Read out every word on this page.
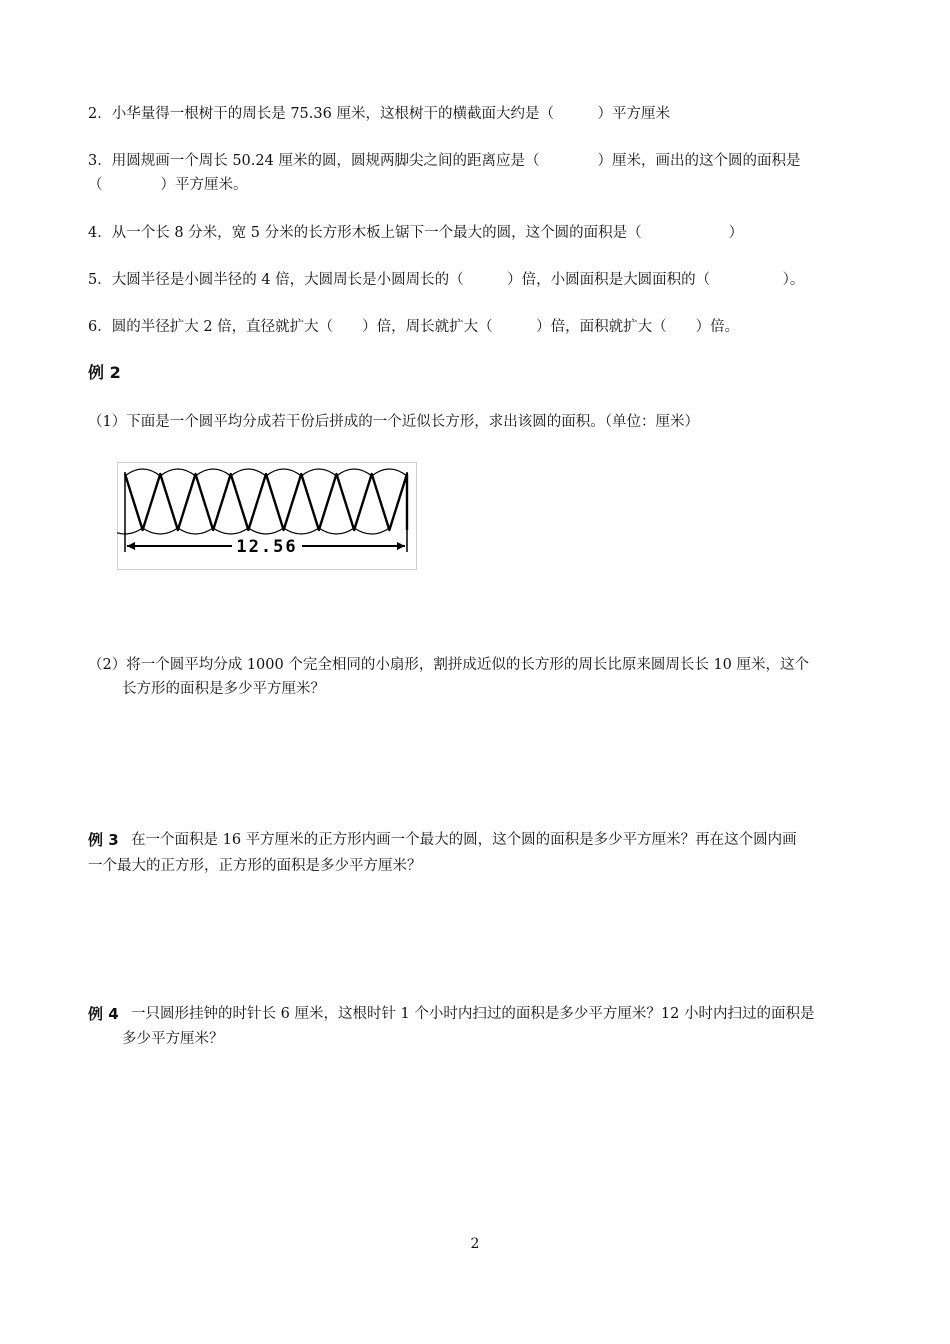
2．小华量得一根树干的周长是 75.36 厘米，这根树干的横截面大约是（　　　）平方厘米
3．用圆规画一个周长 50.24 厘米的圆，圆规两脚尖之间的距离应是（　　　　）厘米，画出的这个圆的面积是
（　　　　）平方厘米。
4．从一个长 8 分米，宽 5 分米的长方形木板上锯下一个最大的圆，这个圆的面积是（　　　　　　）
5．大圆半径是小圆半径的 4 倍，大圆周长是小圆周长的（　　　）倍，小圆面积是大圆面积的（　　　　　）。
6．圆的半径扩大 2 倍，直径就扩大（　　）倍，周长就扩大（　　　）倍，面积就扩大（　　）倍。
例 2
（1）下面是一个圆平均分成若干份后拼成的一个近似长方形，求出该圆的面积。（单位：厘米）
12.56
（2）将一个圆平均分成 1000 个完全相同的小扇形，割拼成近似的长方形的周长比原来圆周长长 10 厘米，这个
长方形的面积是多少平方厘米？
例 3 在一个面积是 16 平方厘米的正方形内画一个最大的圆，这个圆的面积是多少平方厘米？再在这个圆内画
一个最大的正方形，正方形的面积是多少平方厘米？
例 4 一只圆形挂钟的时针长 6 厘米，这根时针 1 个小时内扫过的面积是多少平方厘米？12 小时内扫过的面积是
多少平方厘米？
2
